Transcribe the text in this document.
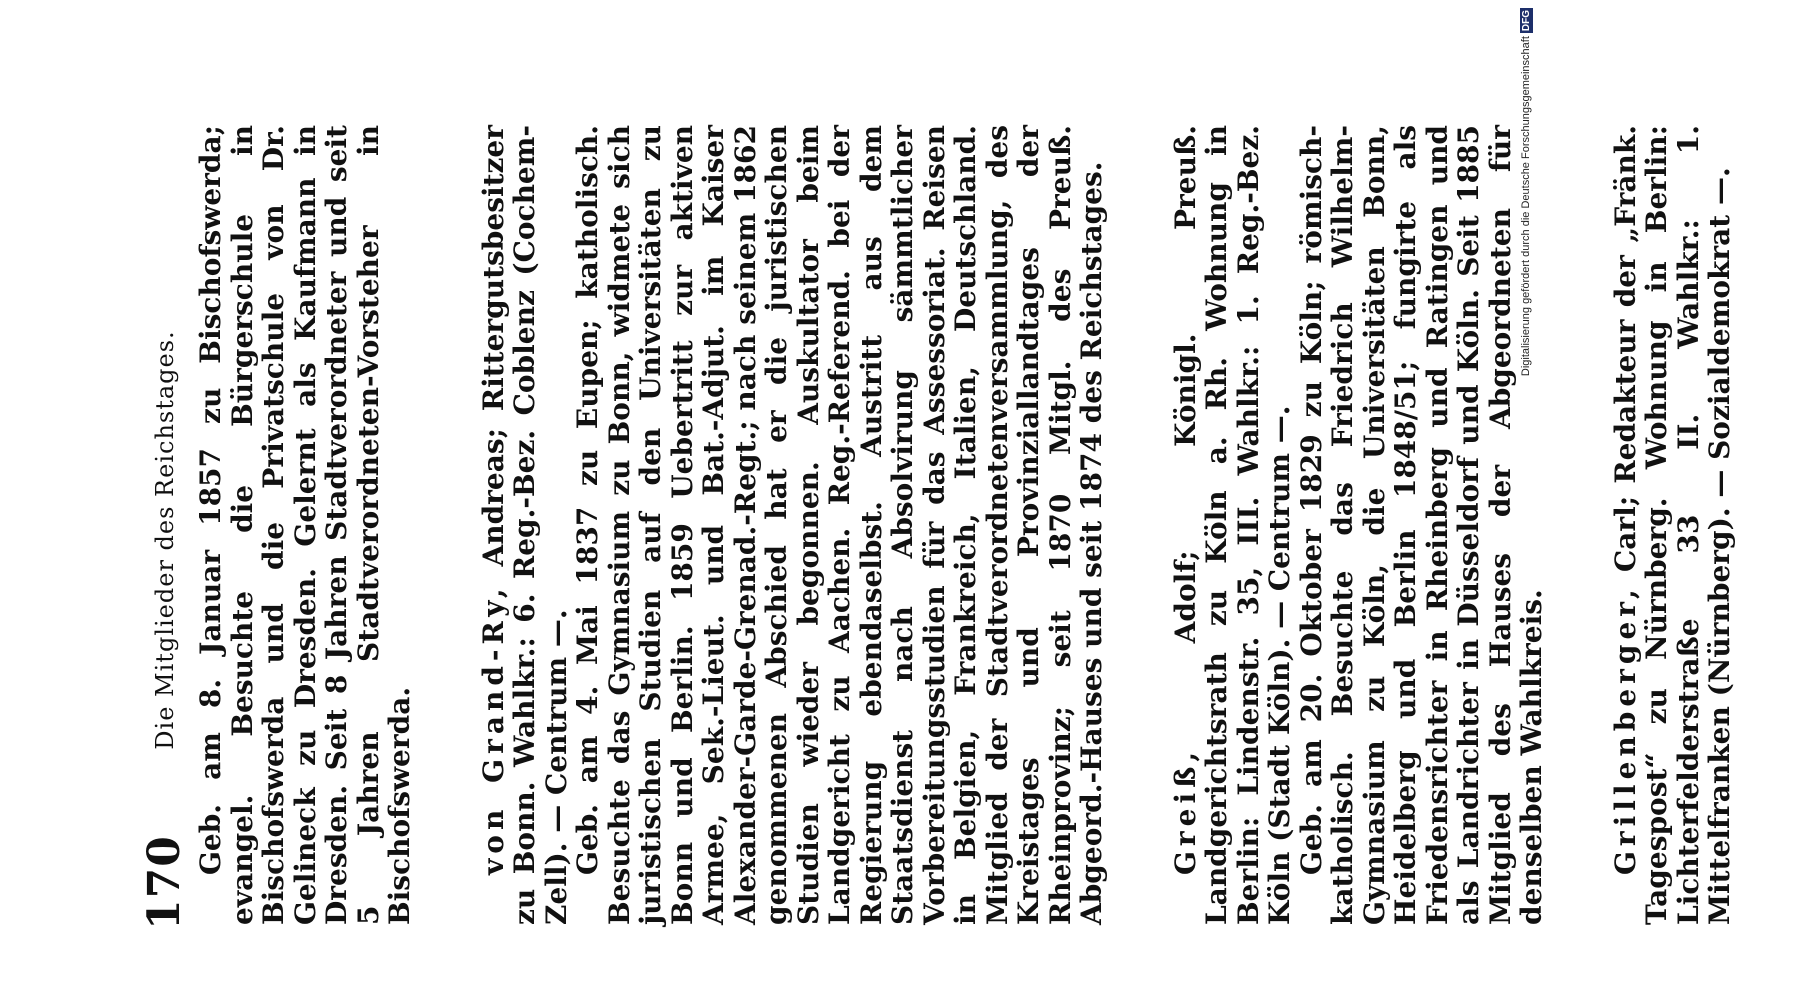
170
Die Mitglieder des Reichstages. Geb. am 8. Januar 1857 zu Bischofswerda; evangel. Besuchte die Bürgerschule in Bischofswerda und die Privatschule von Dr. Gelineck zu Dresden. Gelernt als Kaufmann in Dresden. Seit 8 Jahren Stadtverordneter und seit 5 Jahren Stadtverordneten-Vorsteher in Bischofswerda. von Grand-Ry, Andreas; Rittergutsbesitzer zu Bonn. Wahlkr.: 6. Reg.-Bez. Coblenz (Cochem-Zell). — Centrum —.

Geb. am 4. Mai 1837 zu Eupen; katholisch. Besuchte das Gymnasium zu Bonn, widmete sich juristischen Studien auf den Universitäten zu Bonn und Berlin. 1859 Uebertritt zur aktiven Armee, Sek.-Lieut. und Bat.-Adjut. im Kaiser Alexander-Garde-Grenad.-Regt.; nach seinem 1862 genommenen Abschied hat er die juristischen Studien wieder begonnen. Auskultator beim Landgericht zu Aachen. Reg.-Referend. bei der Regierung ebendaselbst. Austritt aus dem Staatsdienst nach Absolvirung sämmtlicher Vorbereitungsstudien für das Assessoriat. Reisen in Belgien, Frankreich, Italien, Deutschland. Mitglied der Stadtverordnetenversammlung, des Kreistages und Provinziallandtages der Rheinprovinz; seit 1870 Mitgl. des Preuß. Abgeord.-Hauses und seit 1874 des Reichstages. Greiß, Adolf; Königl. Preuß. Landgerichtsrath zu Köln a. Rh. Wohnung in Berlin: Lindenstr. 35, III. Wahlkr.: 1. Reg.-Bez. Köln (Stadt Köln). — Centrum —.

Geb. am 20. Oktober 1829 zu Köln; römisch-katholisch. Besuchte das Friedrich Wilhelm-Gymnasium zu Köln, die Universitäten Bonn, Heidelberg und Berlin 1848/51; fungirte als Friedensrichter in Rheinberg und Ratingen und als Landrichter in Düsseldorf und Köln. Seit 1885 Mitglied des Hauses der Abgeordneten für denselben Wahlkreis. Grillenberger, Carl; Redakteur der „Fränk. Tagespost“ zu Nürnberg. Wohnung in Berlin: Lichterfelderstraße 33 II. Wahlkr.: 1. Mittelfranken (Nürnberg). — Sozialdemokrat —.

Digitalisierung gefördert durch die Deutsche Forschungsgemeinschaft
DFG
